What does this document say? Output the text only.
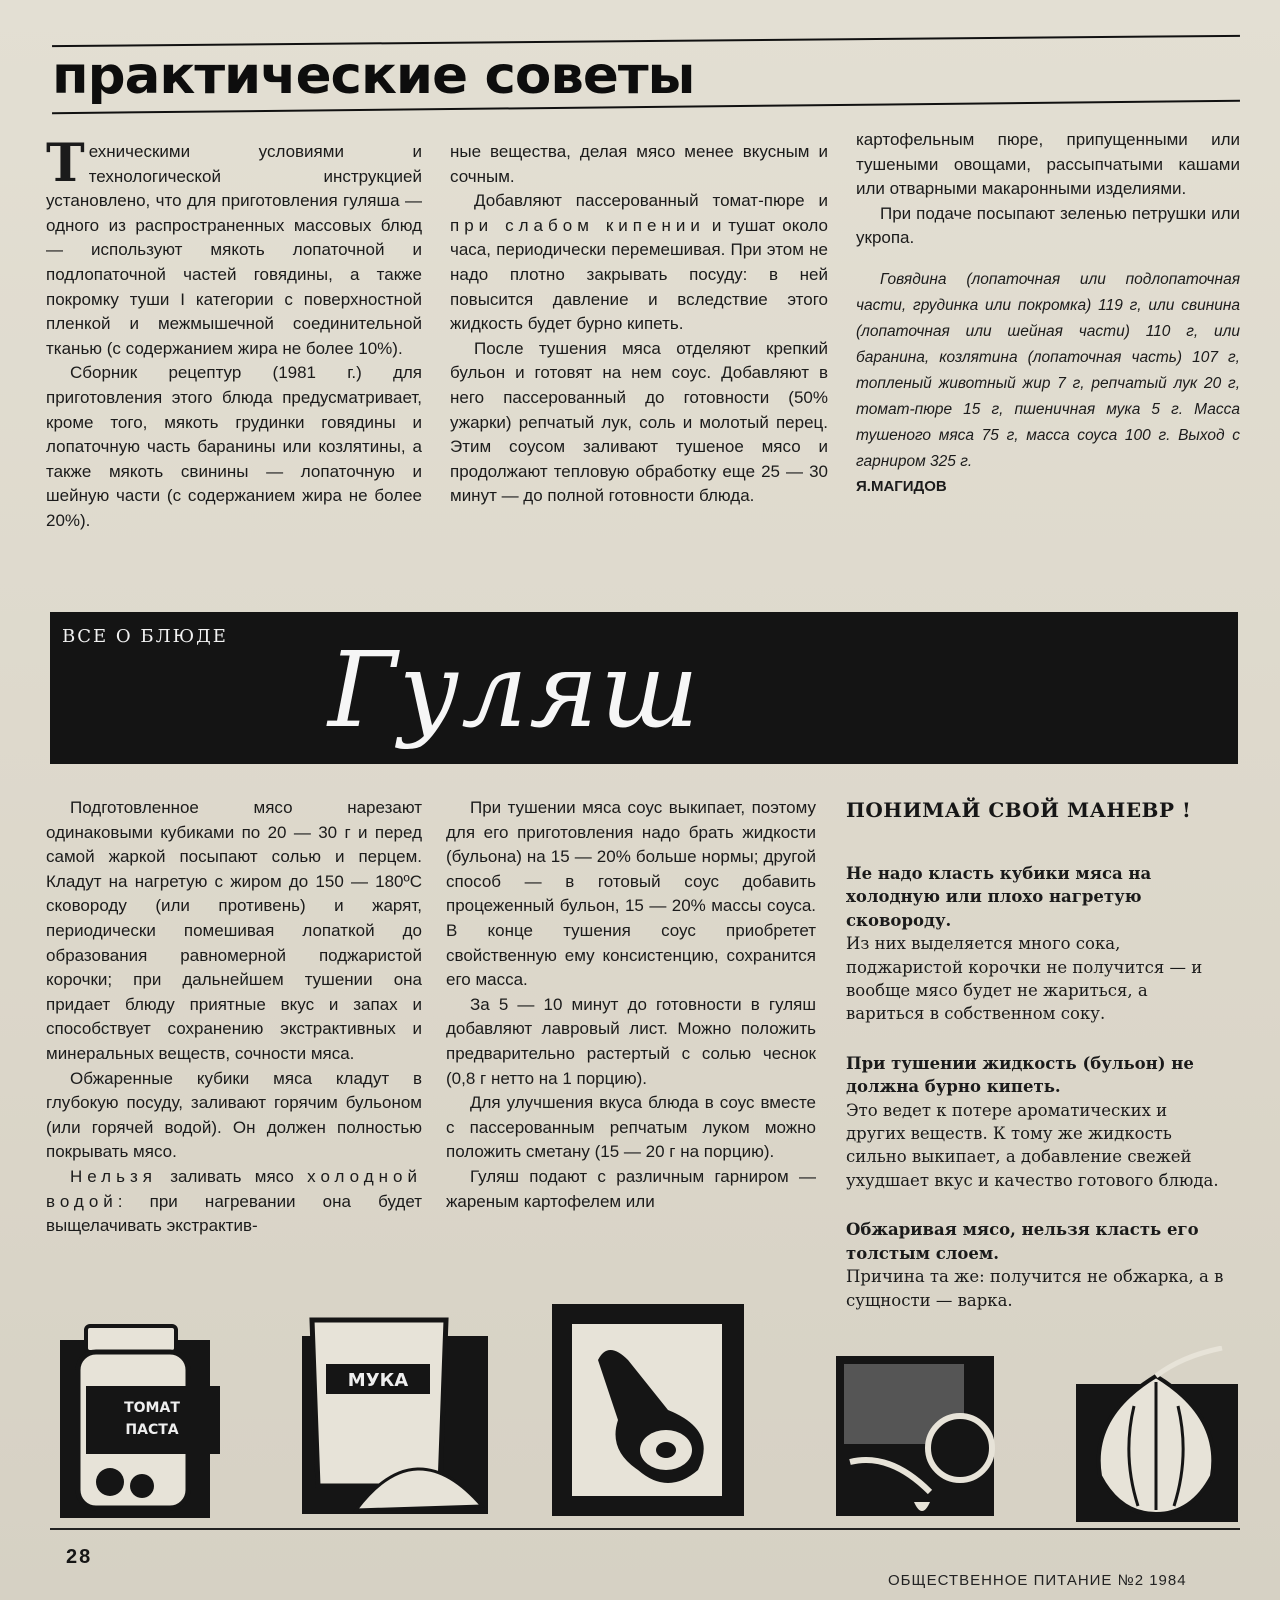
практические советы

Техническими условиями и технологической инструкцией установлено, что для приготовления гуляша — одного из распространенных массовых блюд — используют мякоть лопаточной и подлопаточной частей говядины, а также покромку туши I категории с поверхностной пленкой и межмышечной соединительной тканью (с содержанием жира не более 10%).

Сборник рецептур (1981 г.) для приготовления этого блюда предусматривает, кроме того, мякоть грудинки говядины и лопаточную часть баранины или козлятины, а также мякоть свинины — лопаточную и шейную части (с содержанием жира не более 20%).

ные вещества, делая мясо менее вкусным и сочным.

Добавляют пассерованный томат-пюре и при слабом кипении и тушат около часа, периодически перемешивая. При этом не надо плотно закрывать посуду: в ней повысится давление и вследствие этого жидкость будет бурно кипеть.

После тушения мяса отделяют крепкий бульон и готовят на нем соус. Добавляют в него пассерованный до готовности (50% ужарки) репчатый лук, соль и молотый перец. Этим соусом заливают тушеное мясо и продолжают тепловую обработку еще 25 — 30 минут — до полной готовности блюда.

картофельным пюре, припущенными или тушеными овощами, рассыпчатыми кашами или отварными макаронными изделиями.

При подаче посыпают зеленью петрушки или укропа.

Говядина (лопаточная или подлопаточная части, грудинка или покромка) 119 г, или свинина (лопаточная или шейная части) 110 г, или баранина, козлятина (лопаточная часть) 107 г, топленый животный жир 7 г, репчатый лук 20 г, томат-пюре 15 г, пшеничная мука 5 г. Масса тушеного мяса 75 г, масса соуса 100 г. Выход с гарниром 325 г.

Я.МАГИДОВ

ВСЕ О БЛЮДЕ Гуляш

Подготовленное мясо нарезают одинаковыми кубиками по 20 — 30 г и перед самой жаркой посыпают солью и перцем. Кладут на нагретую с жиром до 150 — 180ºС сковороду (или противень) и жарят, периодически помешивая лопаткой до образования равномерной поджаристой корочки; при дальнейшем тушении она придает блюду приятные вкус и запах и способствует сохранению экстрактивных и минеральных веществ, сочности мяса.

Обжаренные кубики мяса кладут в глубокую посуду, заливают горячим бульоном (или горячей водой). Он должен полностью покрывать мясо.

Нельзя заливать мясо холодной водой: при нагревании она будет выщелачивать экстрактив-

При тушении мяса соус выкипает, поэтому для его приготовления надо брать жидкости (бульона) на 15 — 20% больше нормы; другой способ — в готовый соус добавить процеженный бульон, 15 — 20% массы соуса. В конце тушения соус приобретет свойственную ему консистенцию, сохранится его масса.

За 5 — 10 минут до готовности в гуляш добавляют лавровый лист. Можно положить предварительно растертый с солью чеснок (0,8 г нетто на 1 порцию).

Для улучшения вкуса блюда в соус вместе с пассерованным репчатым луком можно положить сметану (15 — 20 г на порцию).

Гуляш подают с различным гарниром — жареным картофелем или

ПОНИМАЙ СВОЙ МАНЕВР !

Не надо класть кубики мяса на холодную или плохо нагретую сковороду.

Из них выделяется много сока, поджаристой корочки не получится — и вообще мясо будет не жариться, а вариться в собственном соку.

При тушении жидкость (бульон) не должна бурно кипеть.

Это ведет к потере ароматических и других веществ. К тому же жидкость сильно выкипает, а добавление свежей ухудшает вкус и качество готового блюда.

Обжаривая мясо, нельзя класть его толстым слоем.

Причина та же: получится не обжарка, а в сущности — варка.

ТОМАТ
ПАСТА
МУКА
28
ОБЩЕСТВЕННОЕ ПИТАНИЕ №2 1984
